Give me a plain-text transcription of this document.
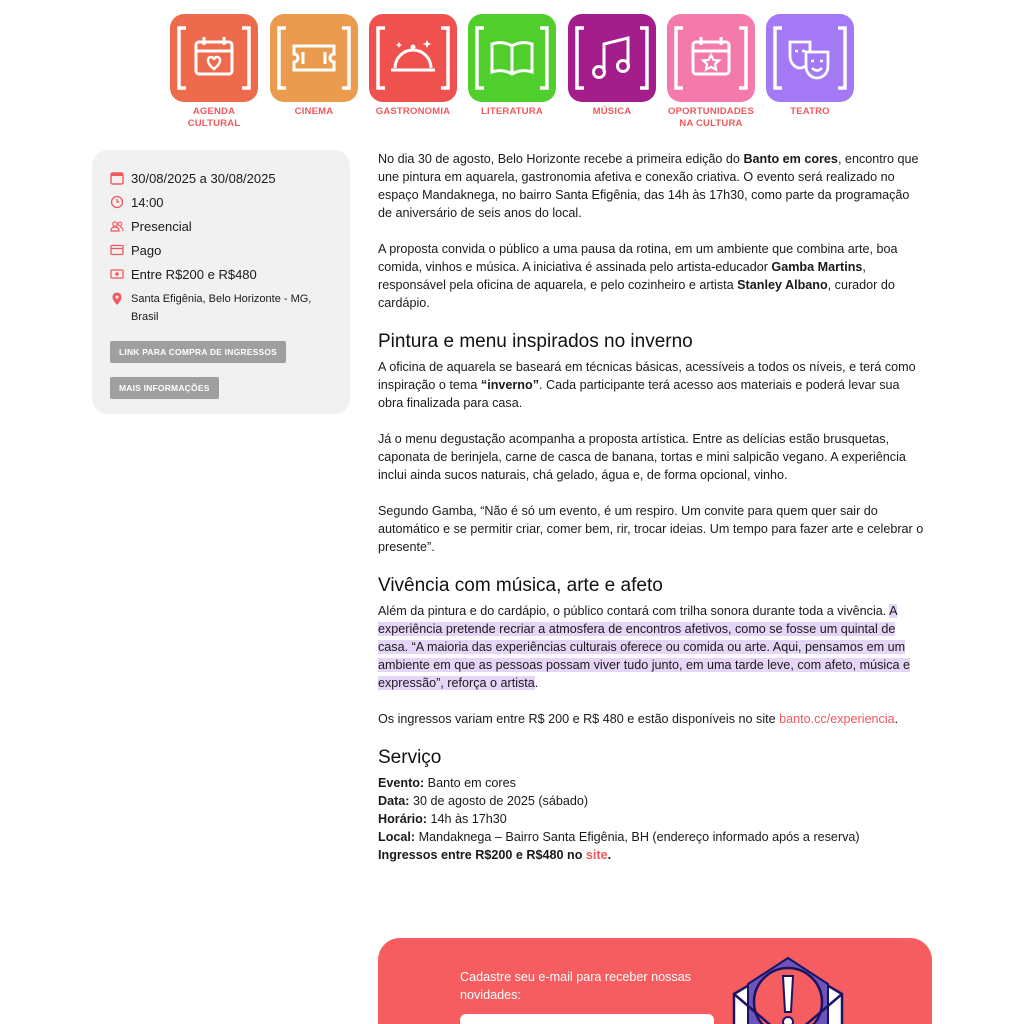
AGENDA CULTURAL
CINEMA	GASTRONOMIA	LITERATURA	MÚSICA	OPORTUNIDADES NA CULTURA
TEATRO
30/08/2025 a 30/08/2025
14:00
Presencial
Pago
Entre R$200 e R$480
Santa Efigênia, Belo Horizonte - MG, Brasil
LINK PARA COMPRA DE INGRESSOS
MAIS INFORMAÇÕES

No dia 30 de agosto, Belo Horizonte recebe a primeira edição do Banto em cores, encontro que une pintura em aquarela, gastronomia afetiva e conexão criativa. O evento será realizado no espaço Mandaknega, no bairro Santa Efigênia, das 14h às 17h30, como parte da programação de aniversário de seis anos do local.

A proposta convida o público a uma pausa da rotina, em um ambiente que combina arte, boa comida, vinhos e música. A iniciativa é assinada pelo artista-educador Gamba Martins, responsável pela oficina de aquarela, e pelo cozinheiro e artista Stanley Albano, curador do cardápio.

Pintura e menu inspirados no inverno

A oficina de aquarela se baseará em técnicas básicas, acessíveis a todos os níveis, e terá como inspiração o tema “inverno”. Cada participante terá acesso aos materiais e poderá levar sua obra finalizada para casa.

Já o menu degustação acompanha a proposta artística. Entre as delícias estão brusquetas, caponata de berinjela, carne de casca de banana, tortas e mini salpicão vegano. A experiência inclui ainda sucos naturais, chá gelado, água e, de forma opcional, vinho.

Segundo Gamba, “Não é só um evento, é um respiro. Um convite para quem quer sair do automático e se permitir criar, comer bem, rir, trocar ideias. Um tempo para fazer arte e celebrar o presente”.

Vivência com música, arte e afeto

Além da pintura e do cardápio, o público contará com trilha sonora durante toda a vivência. A experiência pretende recriar a atmosfera de encontros afetivos, como se fosse um quintal de casa. “A maioria das experiências culturais oferece ou comida ou arte. Aqui, pensamos em um ambiente em que as pessoas possam viver tudo junto, em uma tarde leve, com afeto, música e expressão”, reforça o artista.

Os ingressos variam entre R$ 200 e R$ 480 e estão disponíveis no site banto.cc/experiencia.

Serviço

Evento: Banto em cores

Data: 30 de agosto de 2025 (sábado)

Horário: 14h às 17h30

Local: Mandaknega – Bairro Santa Efigênia, BH (endereço informado após a reserva)

Ingressos entre R$200 e R$480 no site.

Cadastre seu e-mail para receber nossas novidades:
